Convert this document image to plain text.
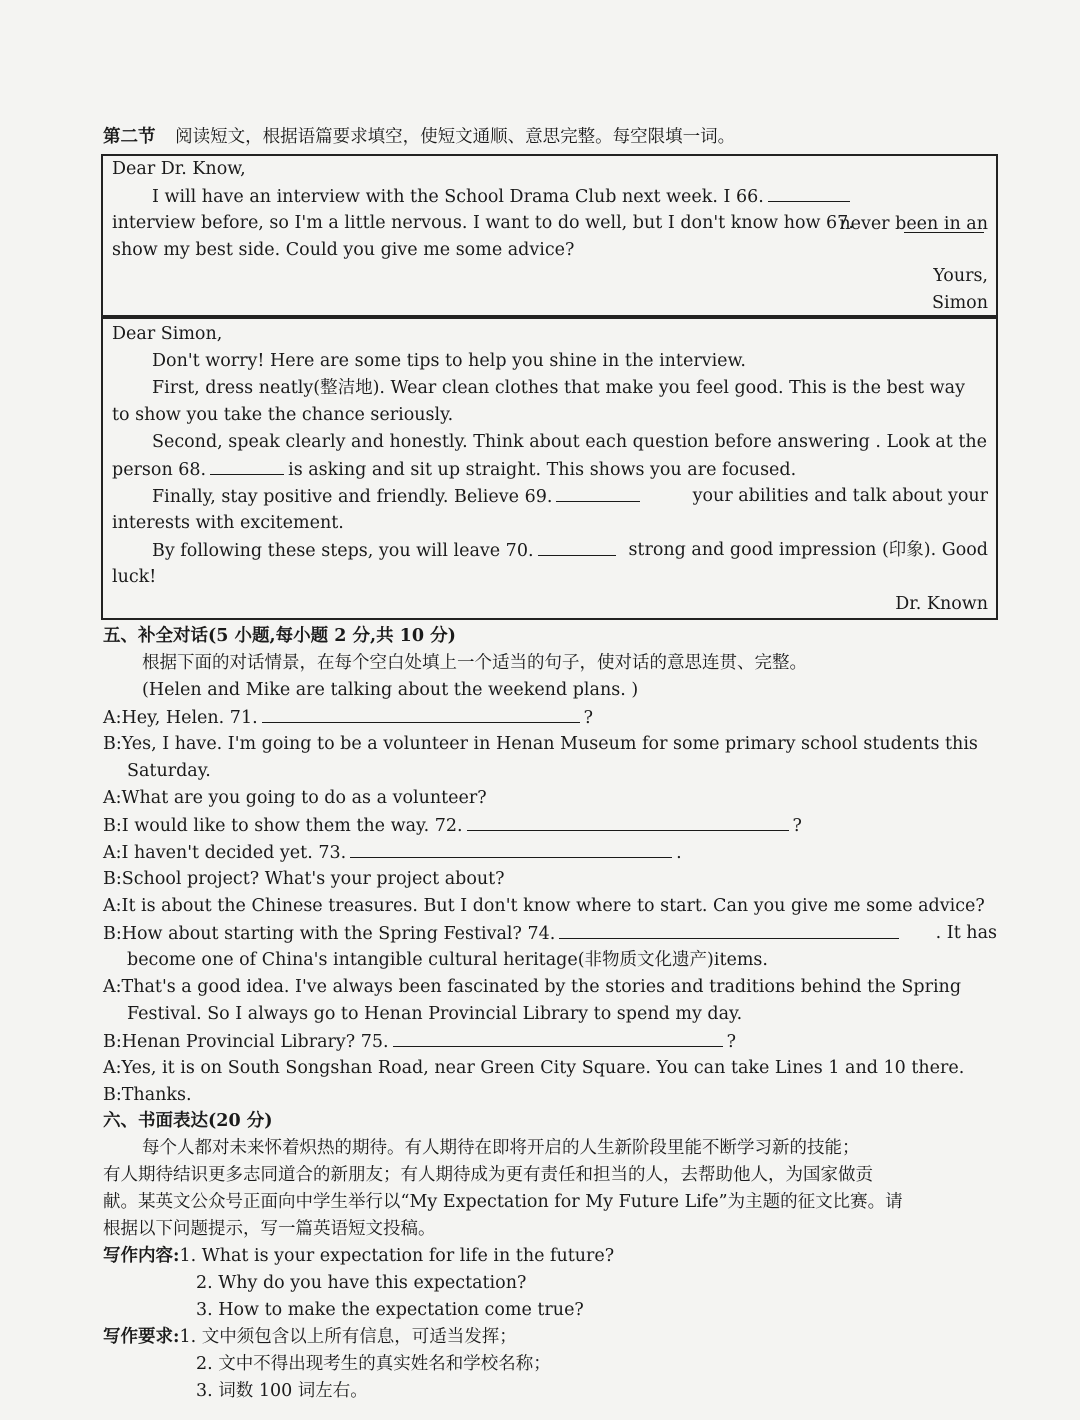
第二节 阅读短文，根据语篇要求填空，使短文通顺、意思完整。每空限填一词。
Dear Dr. Know,
I will have an interview with the School Drama Club next week. I 66.
never been in an
interview before, so I'm a little nervous. I want to do well, but I don't know how 67.
show my best side. Could you give me some advice?
Yours,
Simon
Dear Simon,
Don't worry! Here are some tips to help you shine in the interview.
First, dress neatly(整洁地). Wear clean clothes that make you feel good. This is the best way
to show you take the chance seriously.
Second, speak clearly and honestly. Think about each question before answering . Look at the
person 68.	is asking and sit up straight. This shows you are focused.
Finally, stay positive and friendly. Believe 69.	your abilities and talk about your
interests with excitement.
By following these steps, you will leave 70.	strong and good impression (印象). Good
luck!
Dr. Known
五、补全对话(5 小题,每小题 2 分,共 10 分)
根据下面的对话情景，在每个空白处填上一个适当的句子，使对话的意思连贯、完整。
(Helen and Mike are talking about the weekend plans. )
A:Hey, Helen. 71.	?
B:Yes, I have. I'm going to be a volunteer in Henan Museum for some primary school students this
Saturday.
A:What are you going to do as a volunteer?
B:I would like to show them the way. 72.	?
A:I haven't decided yet. 73.	.
B:School project? What's your project about?
A:It is about the Chinese treasures. But I don't know where to start. Can you give me some advice?
B:How about starting with the Spring Festival? 74.	. It has
become one of China's intangible cultural heritage(非物质文化遗产)items.
A:That's a good idea. I've always been fascinated by the stories and traditions behind the Spring
Festival. So I always go to Henan Provincial Library to spend my day.
B:Henan Provincial Library? 75.	?
A:Yes, it is on South Songshan Road, near Green City Square. You can take Lines 1 and 10 there.
B:Thanks.
六、书面表达(20 分)
每个人都对未来怀着炽热的期待。有人期待在即将开启的人生新阶段里能不断学习新的技能；
有人期待结识更多志同道合的新朋友；有人期待成为更有责任和担当的人，去帮助他人，为国家做贡
献。某英文公众号正面向中学生举行以“My Expectation for My Future Life”为主题的征文比赛。请
根据以下问题提示，写一篇英语短文投稿。
写作内容:1. What is your expectation for life in the future?
2. Why do you have this expectation?
3. How to make the expectation come true?
写作要求:1. 文中须包含以上所有信息，可适当发挥；
2. 文中不得出现考生的真实姓名和学校名称；
3. 词数 100 词左右。
